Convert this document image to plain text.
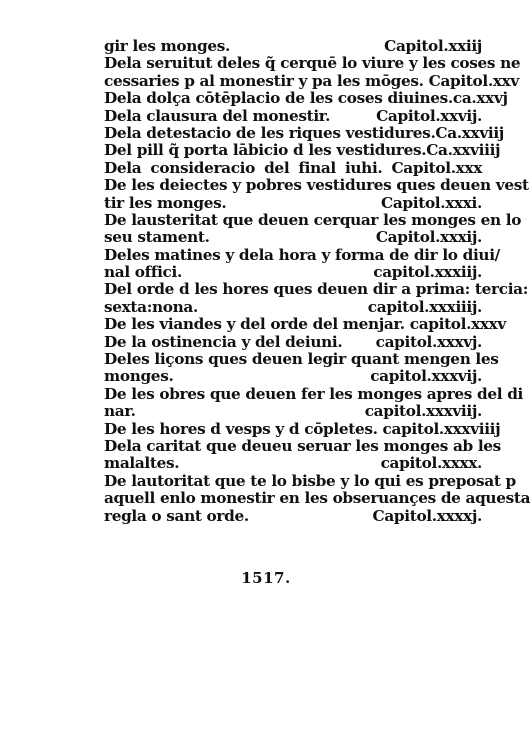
gir les monges.	Capitol.xxiij
Dela seruitut deles q̃ cerquē lo viure y les coses ne
cessaries p al monestir y pa les mōges. Capitol.xxv
Dela dolça cōtēplacio de les coses diuines.ca.xxvj
Dela clausura del monestir.	Capitol.xxvij.
Dela detestacio de les riques vestidures.Ca.xxviij
Del pill q̃ porta lābicio d les vestidures.Ca.xxviiij
Dela consideracio del final iuhi. Capitol.xxx
De les deiectes y pobres vestidures ques deuen vest
tir les monges.	Capitol.xxxi.
De lausteritat que deuen cerquar les monges en lo
seu stament.	Capitol.xxxij.
Deles matines y dela hora y forma de dir lo diui/
nal offici.	capitol.xxxiij.
Del orde d les hores ques deuen dir a prima: tercia:
sexta:nona.	capitol.xxxiiij.
De les viandes y del orde del menjar. capitol.xxxv
De la ostinencia y del deiuni. capitol.xxxvj.
Deles liçons ques deuen legir quant mengen les
monges.	capitol.xxxvij.
De les obres que deuen fer les monges apres del di
nar.	capitol.xxxviij.
De les hores d vesps y d cōpletes. capitol.xxxviiij
Dela caritat que deueu seruar les monges ab les
malaltes.	capitol.xxxx.
De lautoritat que te lo bisbe y lo qui es preposat p
aquell enlo monestir en les obseruançes de aquesta
regla o sant orde.	Capitol.xxxxj.
1517.
